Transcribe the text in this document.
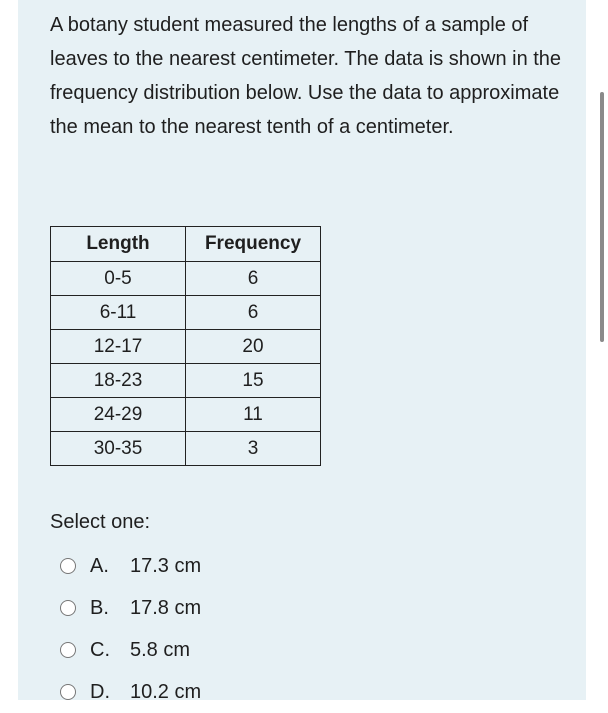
A botany student measured the lengths of a sample of leaves to the nearest centimeter. The data is shown in the frequency distribution below. Use the data to approximate the mean to the nearest tenth of a centimeter.

Length	Frequency
0-5	6
6-11	6
12-17	20
18-23	15
24-29	11
30-35	3
Select one:
A.	17.3 cm
B.	17.8 cm
C.	5.8 cm
D.	10.2 cm
